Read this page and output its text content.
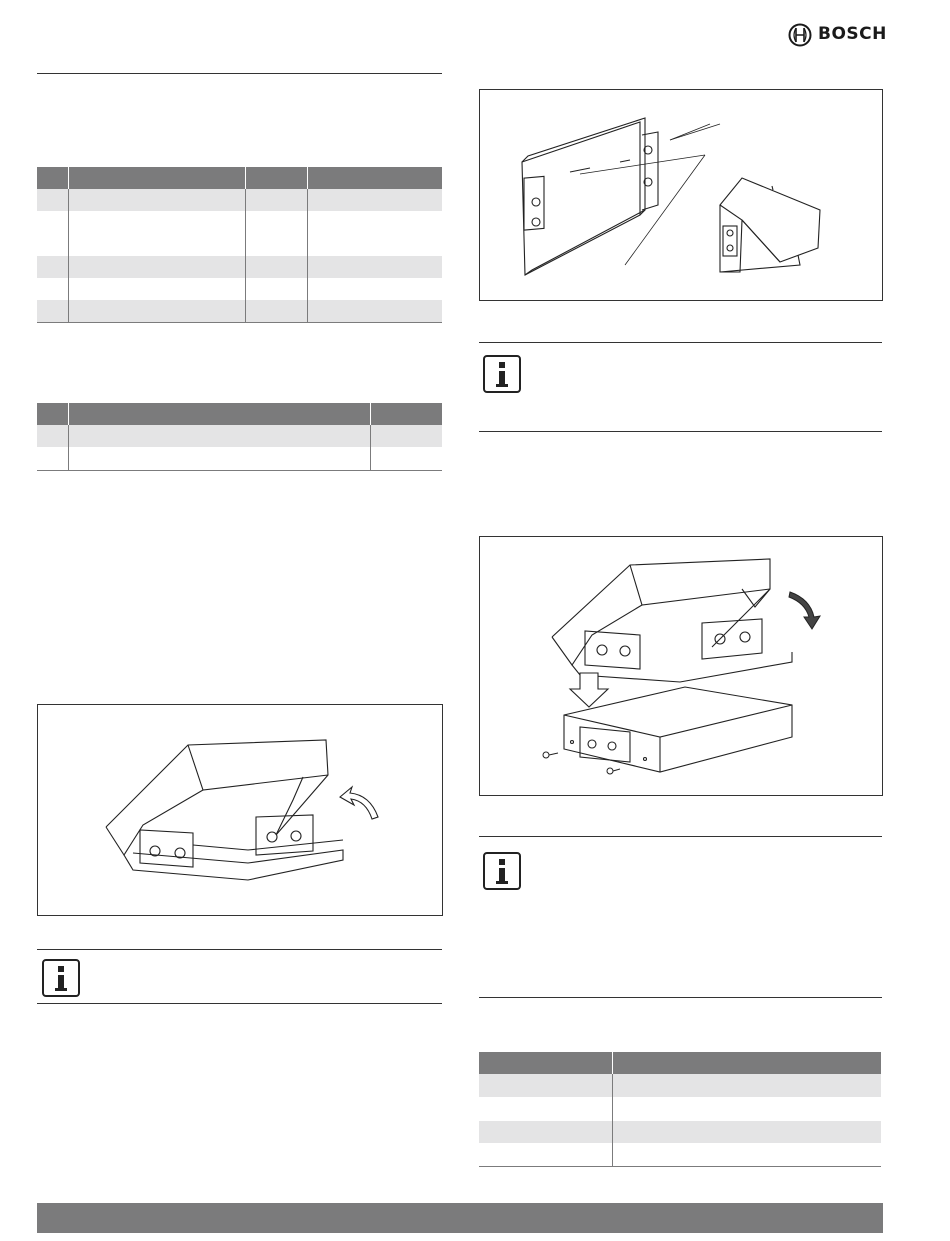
BOSCH
